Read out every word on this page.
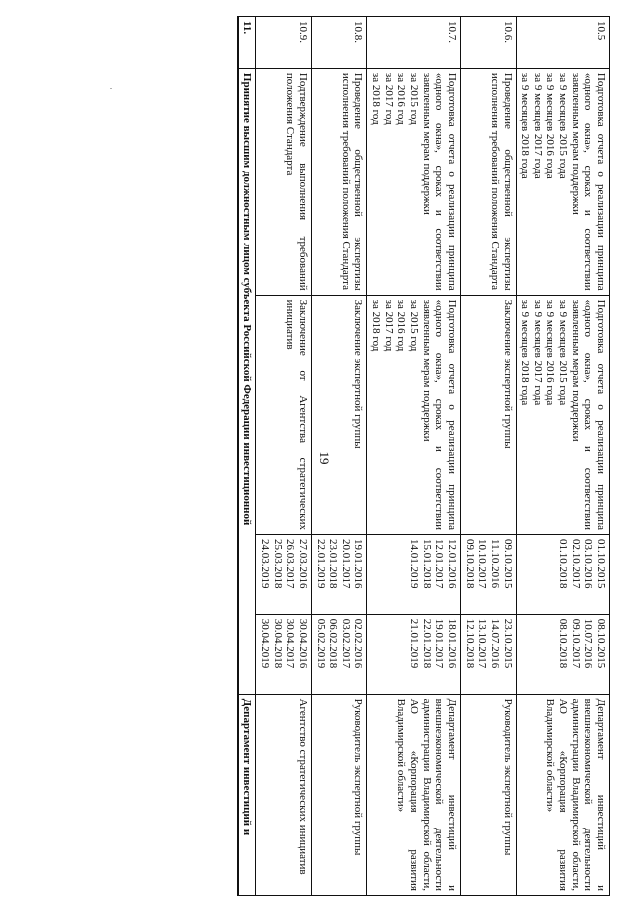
19
.
10.5	Подготовка отчета о реализации принципа «одного окна», сроках и соответствии заявленным мерам поддержки
за 9 месяцев 2015 года
за 9 месяцев 2016 года
за 9 месяцев 2017 года
за 9 месяцев 2018 года	Подготовка отчета о реализации принципа «одного окна», сроках и соответствии заявленным мерам поддержки
за 9 месяцев 2015 года
за 9 месяцев 2016 года
за 9 месяцев 2017 года
за 9 месяцев 2018 года	01.10.2015
03.10.2016
02.10.2017
01.10.2018	08.10.2015
10.07.2016
09.10.2017
08.10.2018	Департамент инвестиций и внешнеэкономической деятельности администрации Владимирской области, АО «Корпорация развития Владимирской области»
10.6.	Проведение общественной экспертизы исполнения требований положения Стандарта	Заключение экспертной группы	09.10.2015
11.10.2016
10.10.2017
09.10.2018	23.10.2015
14.07.2016
13.10.2017
12.10.2018	Руководитель экспертной группы
10.7.	Подготовка отчета о реализации принципа «одного окна», сроках и соответствии заявленным мерам поддержки
за 2015 год
за 2016 год
за 2017 год
за 2018 год	Подготовка отчета о реализации принципа «одного окна», сроках и соответствии заявленным мерам поддержки
за 2015 год
за 2016 год
за 2017 год
за 2018 год	12.01.2016
12.01.2017
15.01.2018
14.01.2019	18.01.2016
19.01.2017
22.01.2018
21.01.2019	Департамент инвестиций и внешнеэкономической деятельности администрации Владимирской области, АО «Корпорация развития Владимирской области»
10.8.	Проведение общественной экспертизы исполнения требований положения Стандарта	Заключение экспертной группы	19.01.2016
20.01.2017
23.01.2018
22.01.2019	02.02.2016
03.02.2017
06.02.2018
05.02.2019	Руководитель экспертной группы
10.9.	Подтверждение выполнения требований положения Стандарта	Заключение от Агентства стратегических инициатив	27.03.2016
26.03.2017
25.03.2018
24.03.2019	30.04.2016
30.04.2017
30.04.2018
30.04.2019	Агентство стратегических инициатив
11.	Принятие высшим должностным лицом субъекта Российской Федерации инвестиционной				Департамент инвестиций и
